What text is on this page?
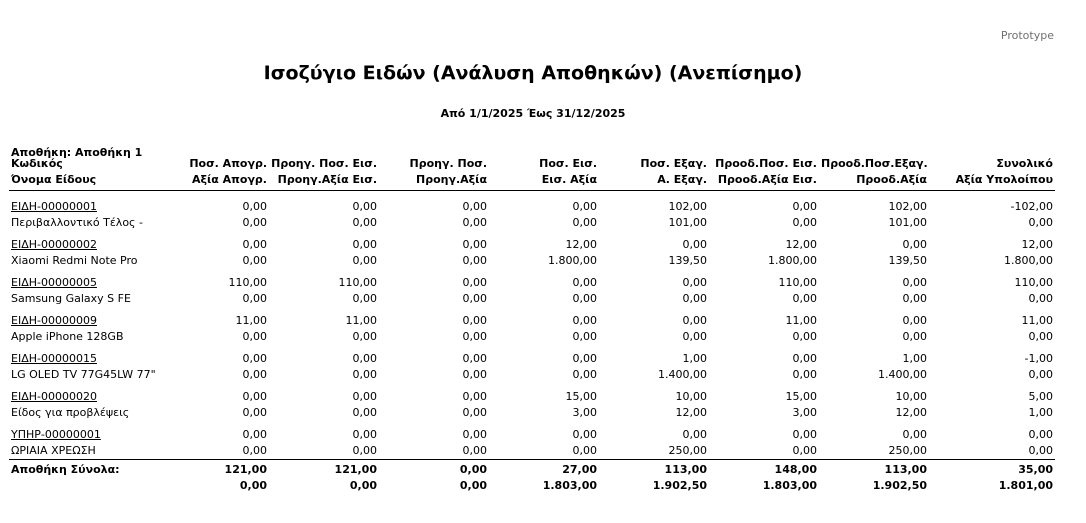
Prototype
Ισοζύγιο Ειδών (Ανάλυση Αποθηκών) (Ανεπίσημο)
Από 1/1/2025 Έως 31/12/2025
Αποθήκη: Αποθήκη 1
Κωδικός	Ποσ. Απογρ.	Προηγ. Ποσ. Εισ.	Προηγ. Ποσ.	Ποσ. Εισ.	Ποσ. Εξαγ.	Προοδ.Ποσ. Εισ.	Προοδ.Ποσ.Εξαγ.	Συνολικό
Όνομα Είδους	Αξία Απογρ.	Προηγ.Αξία Εισ.	Προηγ.Αξία	Εισ. Αξία	Α. Εξαγ.	Προοδ.Αξία Εισ.	Προοδ.Αξία	Αξία Υπολοίπου

ΕΙΔΗ-00000001	0,00	0,00	0,00	0,00	102,00	0,00	102,00	-102,00
Περιβαλλοντικό Τέλος -	0,00	0,00	0,00	0,00	101,00	0,00	101,00	0,00

ΕΙΔΗ-00000002	0,00	0,00	0,00	12,00	0,00	12,00	0,00	12,00
Xiaomi Redmi Note Pro	0,00	0,00	0,00	1.800,00	139,50	1.800,00	139,50	1.800,00

ΕΙΔΗ-00000005	110,00	110,00	0,00	0,00	0,00	110,00	0,00	110,00
Samsung Galaxy S FE	0,00	0,00	0,00	0,00	0,00	0,00	0,00	0,00

ΕΙΔΗ-00000009	11,00	11,00	0,00	0,00	0,00	11,00	0,00	11,00
Apple iPhone 128GB	0,00	0,00	0,00	0,00	0,00	0,00	0,00	0,00

ΕΙΔΗ-00000015	0,00	0,00	0,00	0,00	1,00	0,00	1,00	-1,00
LG OLED TV 77G45LW 77"	0,00	0,00	0,00	0,00	1.400,00	0,00	1.400,00	0,00

ΕΙΔΗ-00000020	0,00	0,00	0,00	15,00	10,00	15,00	10,00	5,00
Είδος για προβλέψεις	0,00	0,00	0,00	3,00	12,00	3,00	12,00	1,00

ΥΠΗΡ-00000001	0,00	0,00	0,00	0,00	0,00	0,00	0,00	0,00
ΩΡΙΑΙΑ ΧΡΕΩΣΗ	0,00	0,00	0,00	0,00	250,00	0,00	250,00	0,00
Αποθήκη Σύνολα:	121,00	121,00	0,00	27,00	113,00	148,00	113,00	35,00
	0,00	0,00	0,00	1.803,00	1.902,50	1.803,00	1.902,50	1.801,00
